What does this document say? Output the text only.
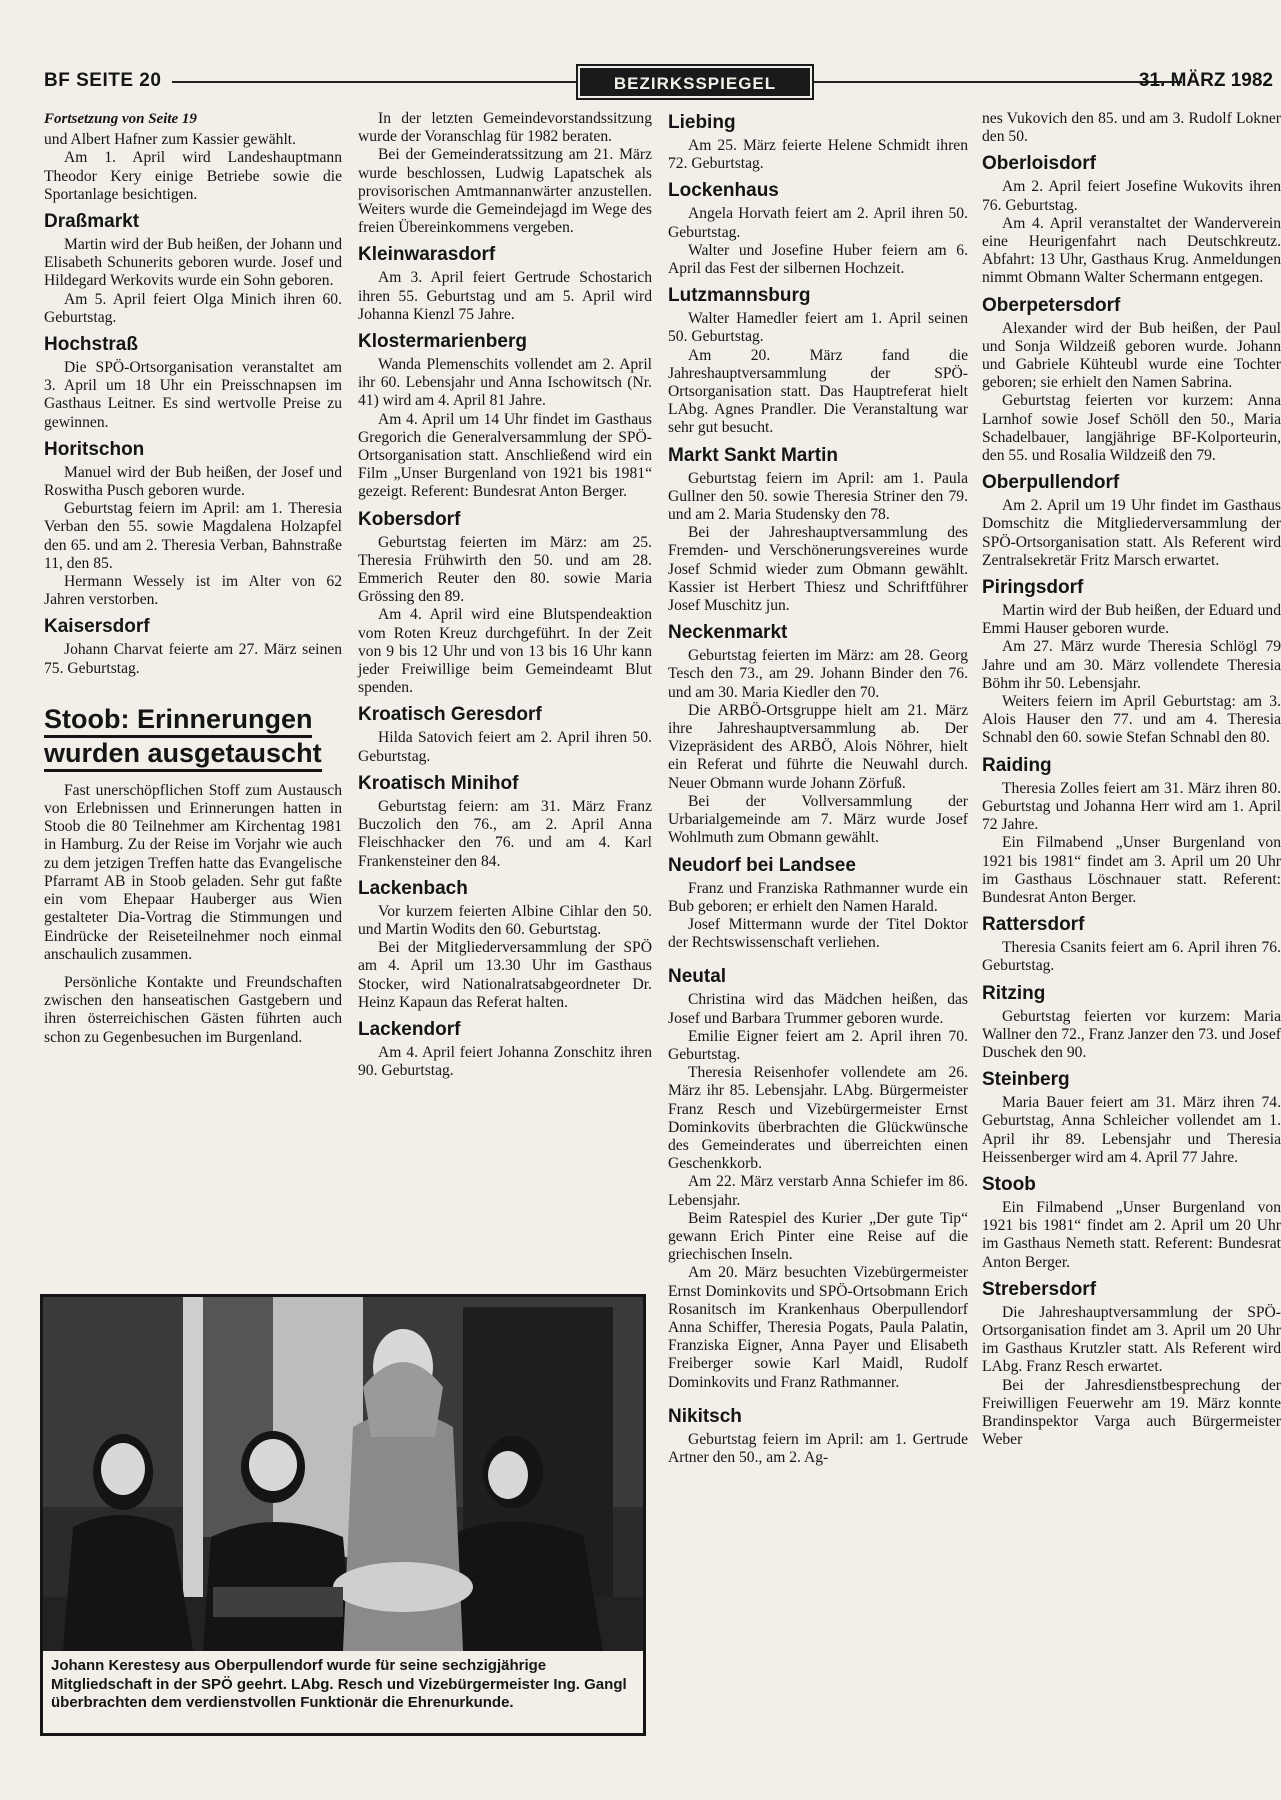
BF SEITE 20	BEZIRKSSPIEGEL	31. MÄRZ 1982

Fortsetzung von Seite 19

und Albert Hafner zum Kassier gewählt.

Am 1. April wird Landeshauptmann Theodor Kery einige Betriebe sowie die Sportanlage besichtigen.

Draßmarkt

Martin wird der Bub heißen, der Johann und Elisabeth Schunerits geboren wurde. Josef und Hildegard Werkovits wurde ein Sohn geboren.

Am 5. April feiert Olga Minich ihren 60. Geburtstag.

Hochstraß

Die SPÖ-Ortsorganisation veranstaltet am 3. April um 18 Uhr ein Preisschnapsen im Gasthaus Leitner. Es sind wertvolle Preise zu gewinnen.

Horitschon

Manuel wird der Bub heißen, der Josef und Roswitha Pusch geboren wurde.

Geburtstag feiern im April: am 1. Theresia Verban den 55. sowie Magdalena Holzapfel den 65. und am 2. Theresia Verban, Bahnstraße 11, den 85.

Hermann Wessely ist im Alter von 62 Jahren verstorben.

Kaisersdorf

Johann Charvat feierte am 27. März seinen 75. Geburtstag.

Stoob: Erinnerungen
wurden ausgetauscht

Fast unerschöpflichen Stoff zum Austausch von Erlebnissen und Erinnerungen hatten in Stoob die 80 Teilnehmer am Kirchentag 1981 in Hamburg. Zu der Reise im Vorjahr wie auch zu dem jetzigen Treffen hatte das Evangelische Pfarramt AB in Stoob geladen. Sehr gut faßte ein vom Ehepaar Hauberger aus Wien gestalteter Dia-Vortrag die Stimmungen und Eindrücke der Reiseteilnehmer noch einmal anschaulich zusammen.

Persönliche Kontakte und Freundschaften zwischen den hanseatischen Gastgebern und ihren österreichischen Gästen führten auch schon zu Gegenbesuchen im Burgenland.

In der letzten Gemeindevorstandssitzung wurde der Voranschlag für 1982 beraten.

Bei der Gemeinderatssitzung am 21. März wurde beschlossen, Ludwig Lapatschek als provisorischen Amtmannanwärter anzustellen. Weiters wurde die Gemeindejagd im Wege des freien Übereinkommens vergeben.

Kleinwarasdorf

Am 3. April feiert Gertrude Schostarich ihren 55. Geburtstag und am 5. April wird Johanna Kienzl 75 Jahre.

Klostermarienberg

Wanda Plemenschits vollendet am 2. April ihr 60. Lebensjahr und Anna Ischowitsch (Nr. 41) wird am 4. April 81 Jahre.

Am 4. April um 14 Uhr findet im Gasthaus Gregorich die Generalversammlung der SPÖ-Ortsorganisation statt. Anschließend wird ein Film „Unser Burgenland von 1921 bis 1981“ gezeigt. Referent: Bundesrat Anton Berger.

Kobersdorf

Geburtstag feierten im März: am 25. Theresia Frühwirth den 50. und am 28. Emmerich Reuter den 80. sowie Maria Grössing den 89.

Am 4. April wird eine Blutspendeaktion vom Roten Kreuz durchgeführt. In der Zeit von 9 bis 12 Uhr und von 13 bis 16 Uhr kann jeder Freiwillige beim Gemeindeamt Blut spenden.

Kroatisch Geresdorf

Hilda Satovich feiert am 2. April ihren 50. Geburtstag.

Kroatisch Minihof

Geburtstag feiern: am 31. März Franz Buczolich den 76., am 2. April Anna Fleischhacker den 76. und am 4. Karl Frankensteiner den 84.

Lackenbach

Vor kurzem feierten Albine Cihlar den 50. und Martin Wodits den 60. Geburtstag.

Bei der Mitgliederversammlung der SPÖ am 4. April um 13.30 Uhr im Gasthaus Stocker, wird Nationalratsabgeordneter Dr. Heinz Kapaun das Referat halten.

Lackendorf

Am 4. April feiert Johanna Zonschitz ihren 90. Geburtstag.

Johann Kerestesy aus Oberpullendorf wurde für seine sechzigjährige Mitgliedschaft in der SPÖ geehrt. LAbg. Resch und Vizebürgermeister Ing. Gangl überbrachten dem verdienstvollen Funktionär die Ehrenurkunde.
Liebing

Am 25. März feierte Helene Schmidt ihren 72. Geburtstag.

Lockenhaus

Angela Horvath feiert am 2. April ihren 50. Geburtstag.

Walter und Josefine Huber feiern am 6. April das Fest der silbernen Hochzeit.

Lutzmannsburg

Walter Hamedler feiert am 1. April seinen 50. Geburtstag.

Am 20. März fand die Jahreshauptversammlung der SPÖ-Ortsorganisation statt. Das Hauptreferat hielt LAbg. Agnes Prandler. Die Veranstaltung war sehr gut besucht.

Markt Sankt Martin

Geburtstag feiern im April: am 1. Paula Gullner den 50. sowie Theresia Striner den 79. und am 2. Maria Studensky den 78.

Bei der Jahreshauptversammlung des Fremden- und Verschönerungsvereines wurde Josef Schmid wieder zum Obmann gewählt. Kassier ist Herbert Thiesz und Schriftführer Josef Muschitz jun.

Neckenmarkt

Geburtstag feierten im März: am 28. Georg Tesch den 73., am 29. Johann Binder den 76. und am 30. Maria Kiedler den 70.

Die ARBÖ-Ortsgruppe hielt am 21. März ihre Jahreshauptversammlung ab. Der Vizepräsident des ARBÖ, Alois Nöhrer, hielt ein Referat und führte die Neuwahl durch. Neuer Obmann wurde Johann Zörfuß.

Bei der Vollversammlung der Urbarialgemeinde am 7. März wurde Josef Wohlmuth zum Obmann gewählt.

Neudorf bei Landsee

Franz und Franziska Rathmanner wurde ein Bub geboren; er erhielt den Namen Harald.

Josef Mittermann wurde der Titel Doktor der Rechtswissenschaft verliehen.

Neutal

Christina wird das Mädchen heißen, das Josef und Barbara Trummer geboren wurde.

Emilie Eigner feiert am 2. April ihren 70. Geburtstag.

Theresia Reisenhofer vollendete am 26. März ihr 85. Lebensjahr. LAbg. Bürgermeister Franz Resch und Vizebürgermeister Ernst Dominkovits überbrachten die Glückwünsche des Gemeinderates und überreichten einen Geschenkkorb.

Am 22. März verstarb Anna Schiefer im 86. Lebensjahr.

Beim Ratespiel des Kurier „Der gute Tip“ gewann Erich Pinter eine Reise auf die griechischen Inseln.

Am 20. März besuchten Vizebürgermeister Ernst Dominkovits und SPÖ-Ortsobmann Erich Rosanitsch im Krankenhaus Oberpullendorf Anna Schiffer, Theresia Pogats, Paula Palatin, Franziska Eigner, Anna Payer und Elisabeth Freiberger sowie Karl Maidl, Rudolf Dominkovits und Franz Rathmanner.

Nikitsch

Geburtstag feiern im April: am 1. Gertrude Artner den 50., am 2. Ag-

nes Vukovich den 85. und am 3. Rudolf Lokner den 50.

Oberloisdorf

Am 2. April feiert Josefine Wukovits ihren 76. Geburtstag.

Am 4. April veranstaltet der Wanderverein eine Heurigenfahrt nach Deutschkreutz. Abfahrt: 13 Uhr, Gasthaus Krug. Anmeldungen nimmt Obmann Walter Schermann entgegen.

Oberpetersdorf

Alexander wird der Bub heißen, der Paul und Sonja Wildzeiß geboren wurde. Johann und Gabriele Kühteubl wurde eine Tochter geboren; sie erhielt den Namen Sabrina.

Geburtstag feierten vor kurzem: Anna Larnhof sowie Josef Schöll den 50., Maria Schadelbauer, langjährige BF-Kolporteurin, den 55. und Rosalia Wildzeiß den 79.

Oberpullendorf

Am 2. April um 19 Uhr findet im Gasthaus Domschitz die Mitgliederversammlung der SPÖ-Ortsorganisation statt. Als Referent wird Zentralsekretär Fritz Marsch erwartet.

Piringsdorf

Martin wird der Bub heißen, der Eduard und Emmi Hauser geboren wurde.

Am 27. März wurde Theresia Schlögl 79 Jahre und am 30. März vollendete Theresia Böhm ihr 50. Lebensjahr.

Weiters feiern im April Geburtstag: am 3. Alois Hauser den 77. und am 4. Theresia Schnabl den 60. sowie Stefan Schnabl den 80.

Raiding

Theresia Zolles feiert am 31. März ihren 80. Geburtstag und Johanna Herr wird am 1. April 72 Jahre.

Ein Filmabend „Unser Burgenland von 1921 bis 1981“ findet am 3. April um 20 Uhr im Gasthaus Löschnauer statt. Referent: Bundesrat Anton Berger.

Rattersdorf

Theresia Csanits feiert am 6. April ihren 76. Geburtstag.

Ritzing

Geburtstag feierten vor kurzem: Maria Wallner den 72., Franz Janzer den 73. und Josef Duschek den 90.

Steinberg

Maria Bauer feiert am 31. März ihren 74. Geburtstag, Anna Schleicher vollendet am 1. April ihr 89. Lebensjahr und Theresia Heissenberger wird am 4. April 77 Jahre.

Stoob

Ein Filmabend „Unser Burgenland von 1921 bis 1981“ findet am 2. April um 20 Uhr im Gasthaus Nemeth statt. Referent: Bundesrat Anton Berger.

Strebersdorf

Die Jahreshauptversammlung der SPÖ-Ortsorganisation findet am 3. April um 20 Uhr im Gasthaus Krutzler statt. Als Referent wird LAbg. Franz Resch erwartet.

Bei der Jahresdienstbesprechung der Freiwilligen Feuerwehr am 19. März konnte Brandinspektor Varga auch Bürgermeister Weber
